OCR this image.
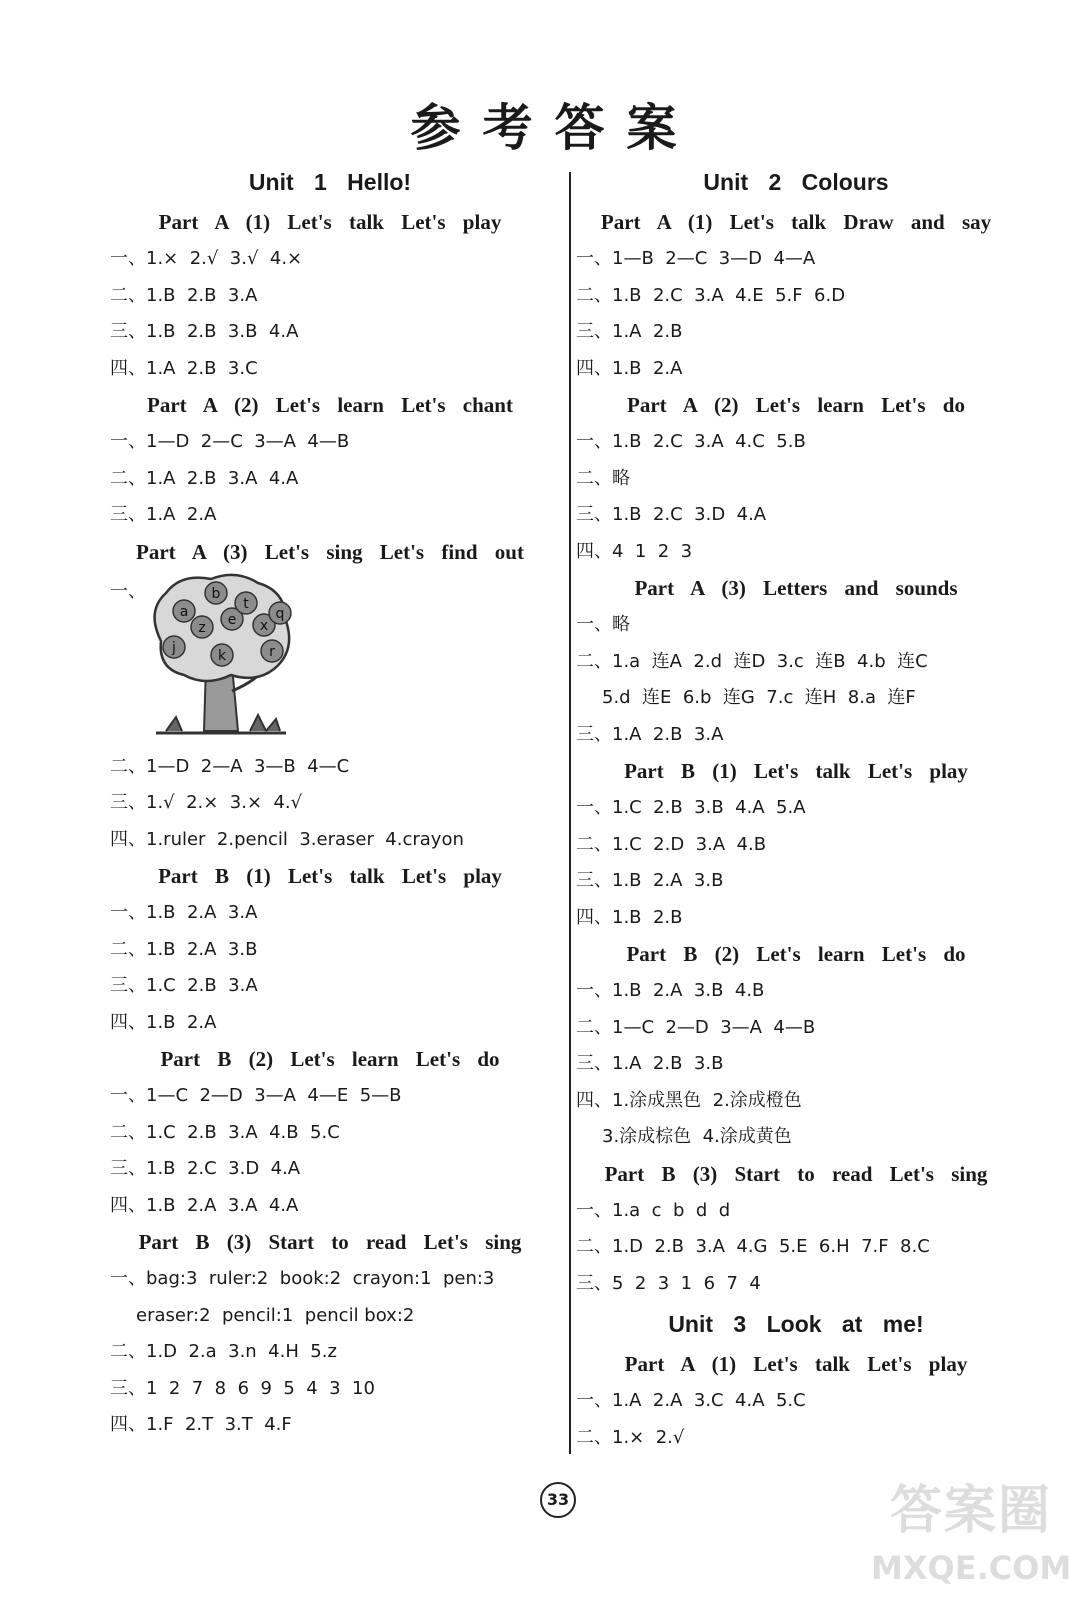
参考答案
Unit 1 Hello!
Part A (1) Let's talk Let's play
一、1.×  2.√  3.√  4.×
二、1.B  2.B  3.A
三、1.B  2.B  3.B  4.A
四、1.A  2.B  3.C
Part A (2) Let's learn Let's chant
一、1—D  2—C  3—A  4—B
二、1.A  2.B  3.A  4.A
三、1.A  2.A
Part A (3) Let's sing Let's find out
一、	b
a	e x
z
q
j	k	r
t
二、1—D  2—A  3—B  4—C
三、1.√  2.×  3.×  4.√
四、1.ruler  2.pencil  3.eraser  4.crayon
Part B (1) Let's talk Let's play
一、1.B  2.A  3.A
二、1.B  2.A  3.B
三、1.C  2.B  3.A
四、1.B  2.A
Part B (2) Let's learn Let's do
一、1—C  2—D  3—A  4—E  5—B
二、1.C  2.B  3.A  4.B  5.C
三、1.B  2.C  3.D  4.A
四、1.B  2.A  3.A  4.A
Part B (3) Start to read Let's sing
一、bag:3  ruler:2  book:2  crayon:1  pen:3
eraser:2  pencil:1  pencil box:2
二、1.D  2.a  3.n  4.H  5.z
三、1  2  7  8  6  9  5  4  3  10
四、1.F  2.T  3.T  4.F
Unit 2 Colours
Part A (1) Let's talk Draw and say
一、1—B  2—C  3—D  4—A
二、1.B  2.C  3.A  4.E  5.F  6.D
三、1.A  2.B
四、1.B  2.A
Part A (2) Let's learn Let's do
一、1.B  2.C  3.A  4.C  5.B
二、略
三、1.B  2.C  3.D  4.A
四、4  1  2  3
Part A (3) Letters and sounds
一、略
二、1.a  连A  2.d  连D  3.c  连B  4.b  连C
5.d  连E  6.b  连G  7.c  连H  8.a  连F
三、1.A  2.B  3.A
Part B (1) Let's talk Let's play
一、1.C  2.B  3.B  4.A  5.A
二、1.C  2.D  3.A  4.B
三、1.B  2.A  3.B
四、1.B  2.B
Part B (2) Let's learn Let's do
一、1.B  2.A  3.B  4.B
二、1—C  2—D  3—A  4—B
三、1.A  2.B  3.B
四、1.涂成黑色  2.涂成橙色
3.涂成棕色  4.涂成黄色
Part B (3) Start to read Let's sing
一、1.a  c  b  d  d
二、1.D  2.B  3.A  4.G  5.E  6.H  7.F  8.C
三、5  2  3  1  6  7  4
Unit 3 Look at me!
Part A (1) Let's talk Let's play
一、1.A  2.A  3.C  4.A  5.C
二、1.×  2.√
33	答案圈
MXQE.COM
